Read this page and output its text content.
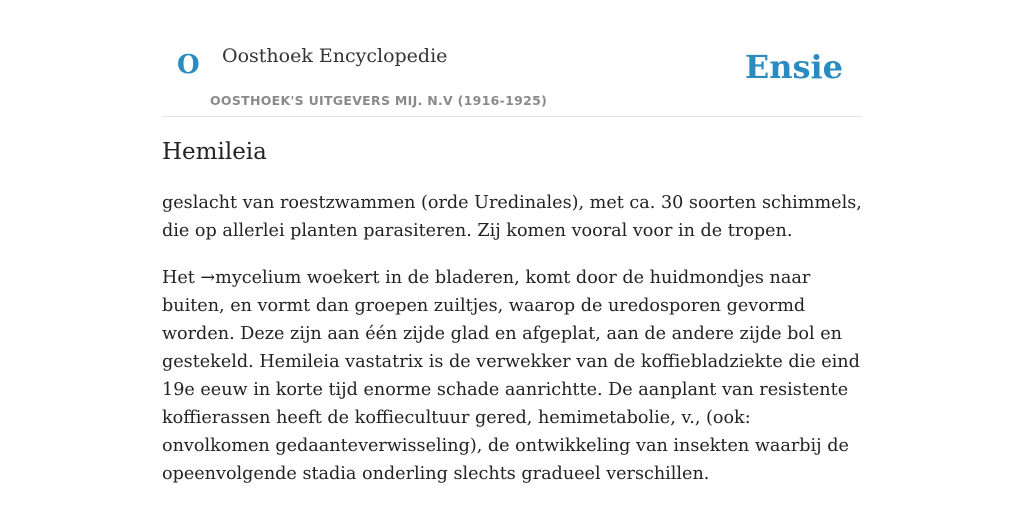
O Oosthoek Encyclopedie
OOSTHOEK'S UITGEVERS MIJ. N.V (1916-1925)
Ensie
Hemileia

geslacht van roestzwammen (orde Uredinales), met ca. 30 soorten schimmels, die op allerlei planten parasiteren. Zij komen vooral voor in de tropen.

Het →mycelium woekert in de bladeren, komt door de huidmondjes naar buiten, en vormt dan groepen zuiltjes, waarop de uredosporen gevormd worden. Deze zijn aan één zijde glad en afgeplat, aan de andere zijde bol en gestekeld. Hemileia vastatrix is de verwekker van de koffiebladziekte die eind 19e eeuw in korte tijd enorme schade aanrichtte. De aanplant van resistente koffierassen heeft de koffiecultuur gered, hemimetabolie, v., (ook: onvolkomen gedaanteverwisseling), de ontwikkeling van insekten waarbij de opeenvolgende stadia onderling slechts gradueel verschillen.
